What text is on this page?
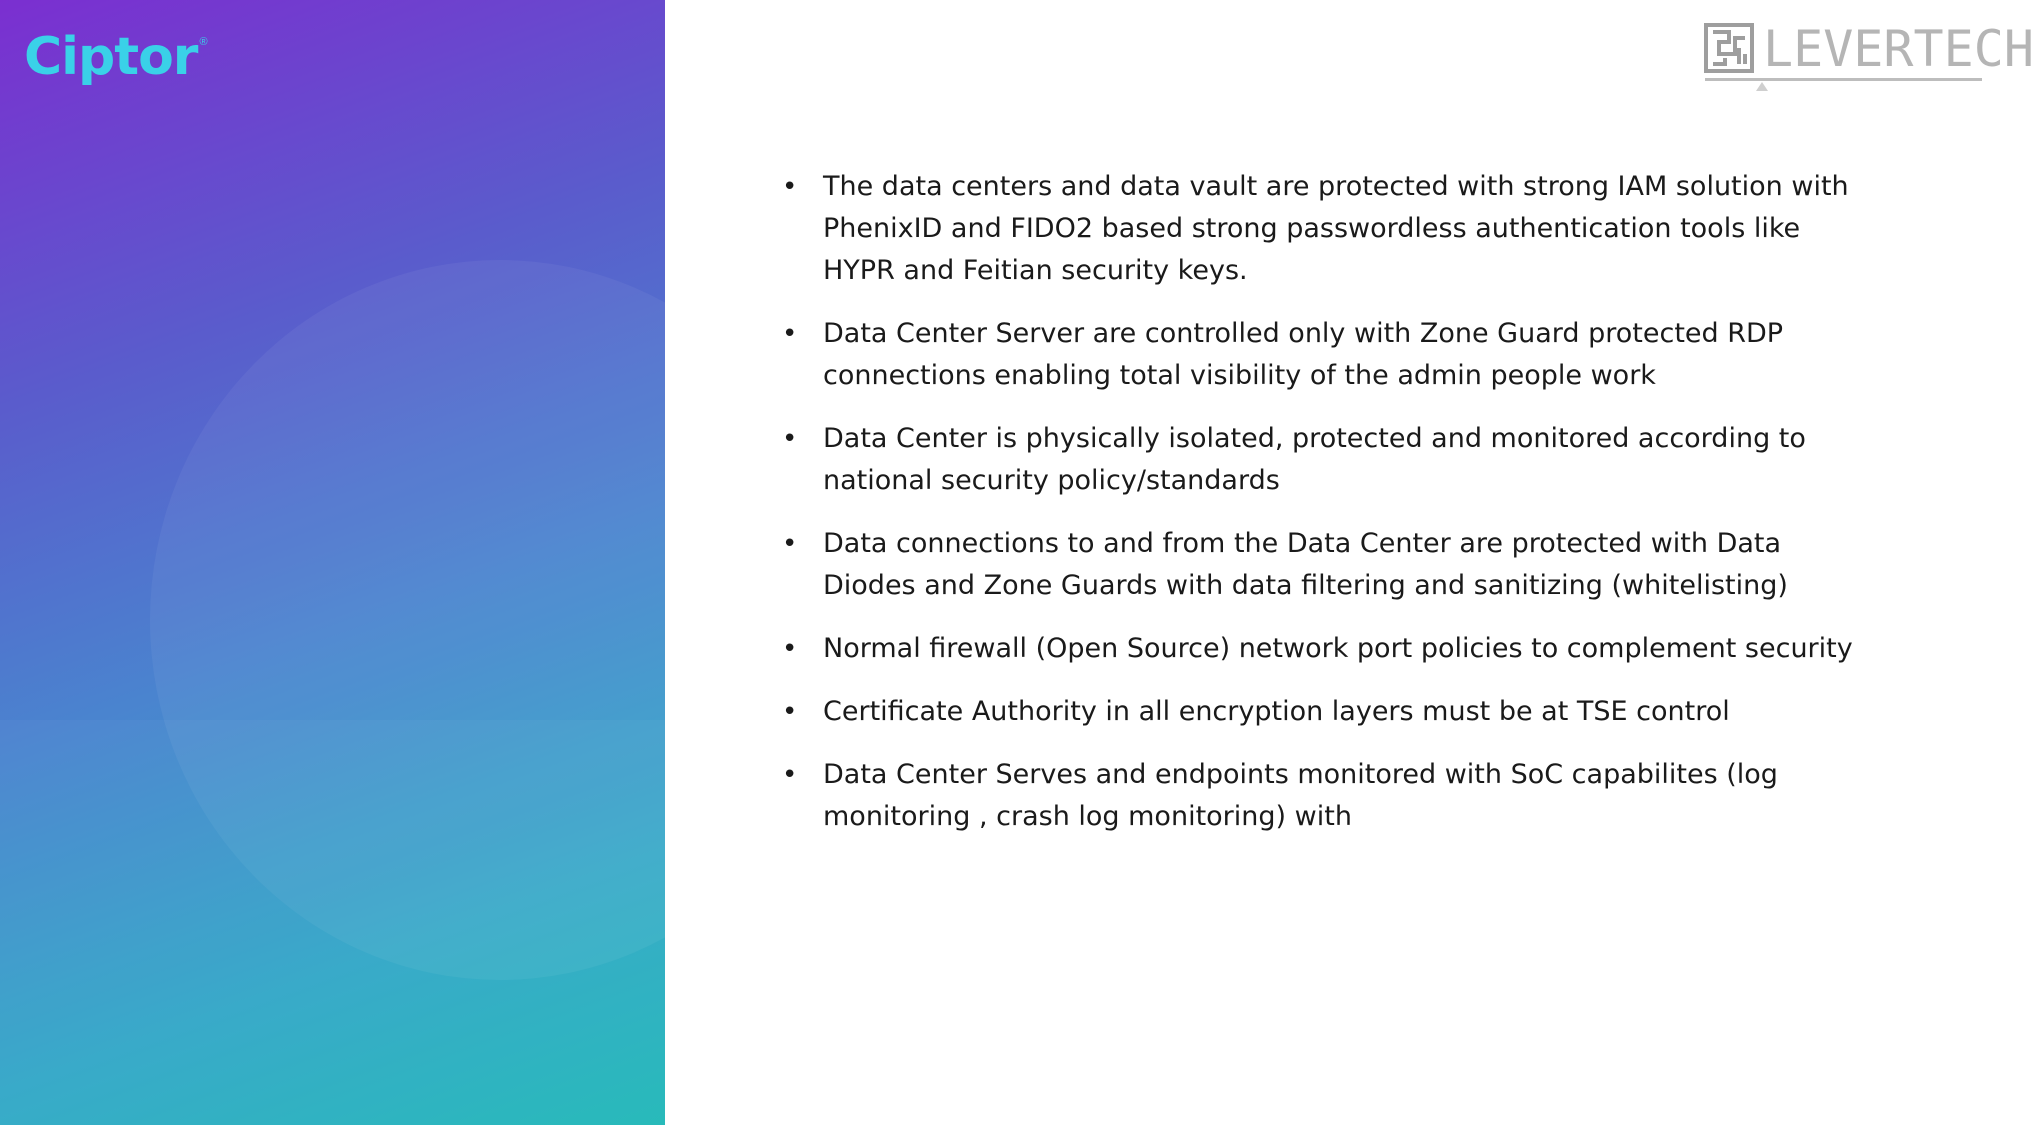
Ciptor ®	LEVERTECH
• The data centers and data vault are protected with strong IAM solution with PhenixID and FIDO2 based strong passwordless authentication tools like HYPR and Feitian security keys.
• Data Center Server are controlled only with Zone Guard protected RDP connections enabling total visibility of the admin people work
• Data Center is physically isolated, protected and monitored according to national security policy/standards
• Data connections to and from the Data Center are protected with Data Diodes and Zone Guards with data filtering and sanitizing (whitelisting)
• Normal firewall (Open Source) network port policies to complement security
• Certificate Authority in all encryption layers must be at TSE control
• Data Center Serves and endpoints monitored with SoC capabilites (log monitoring , crash log monitoring) with
